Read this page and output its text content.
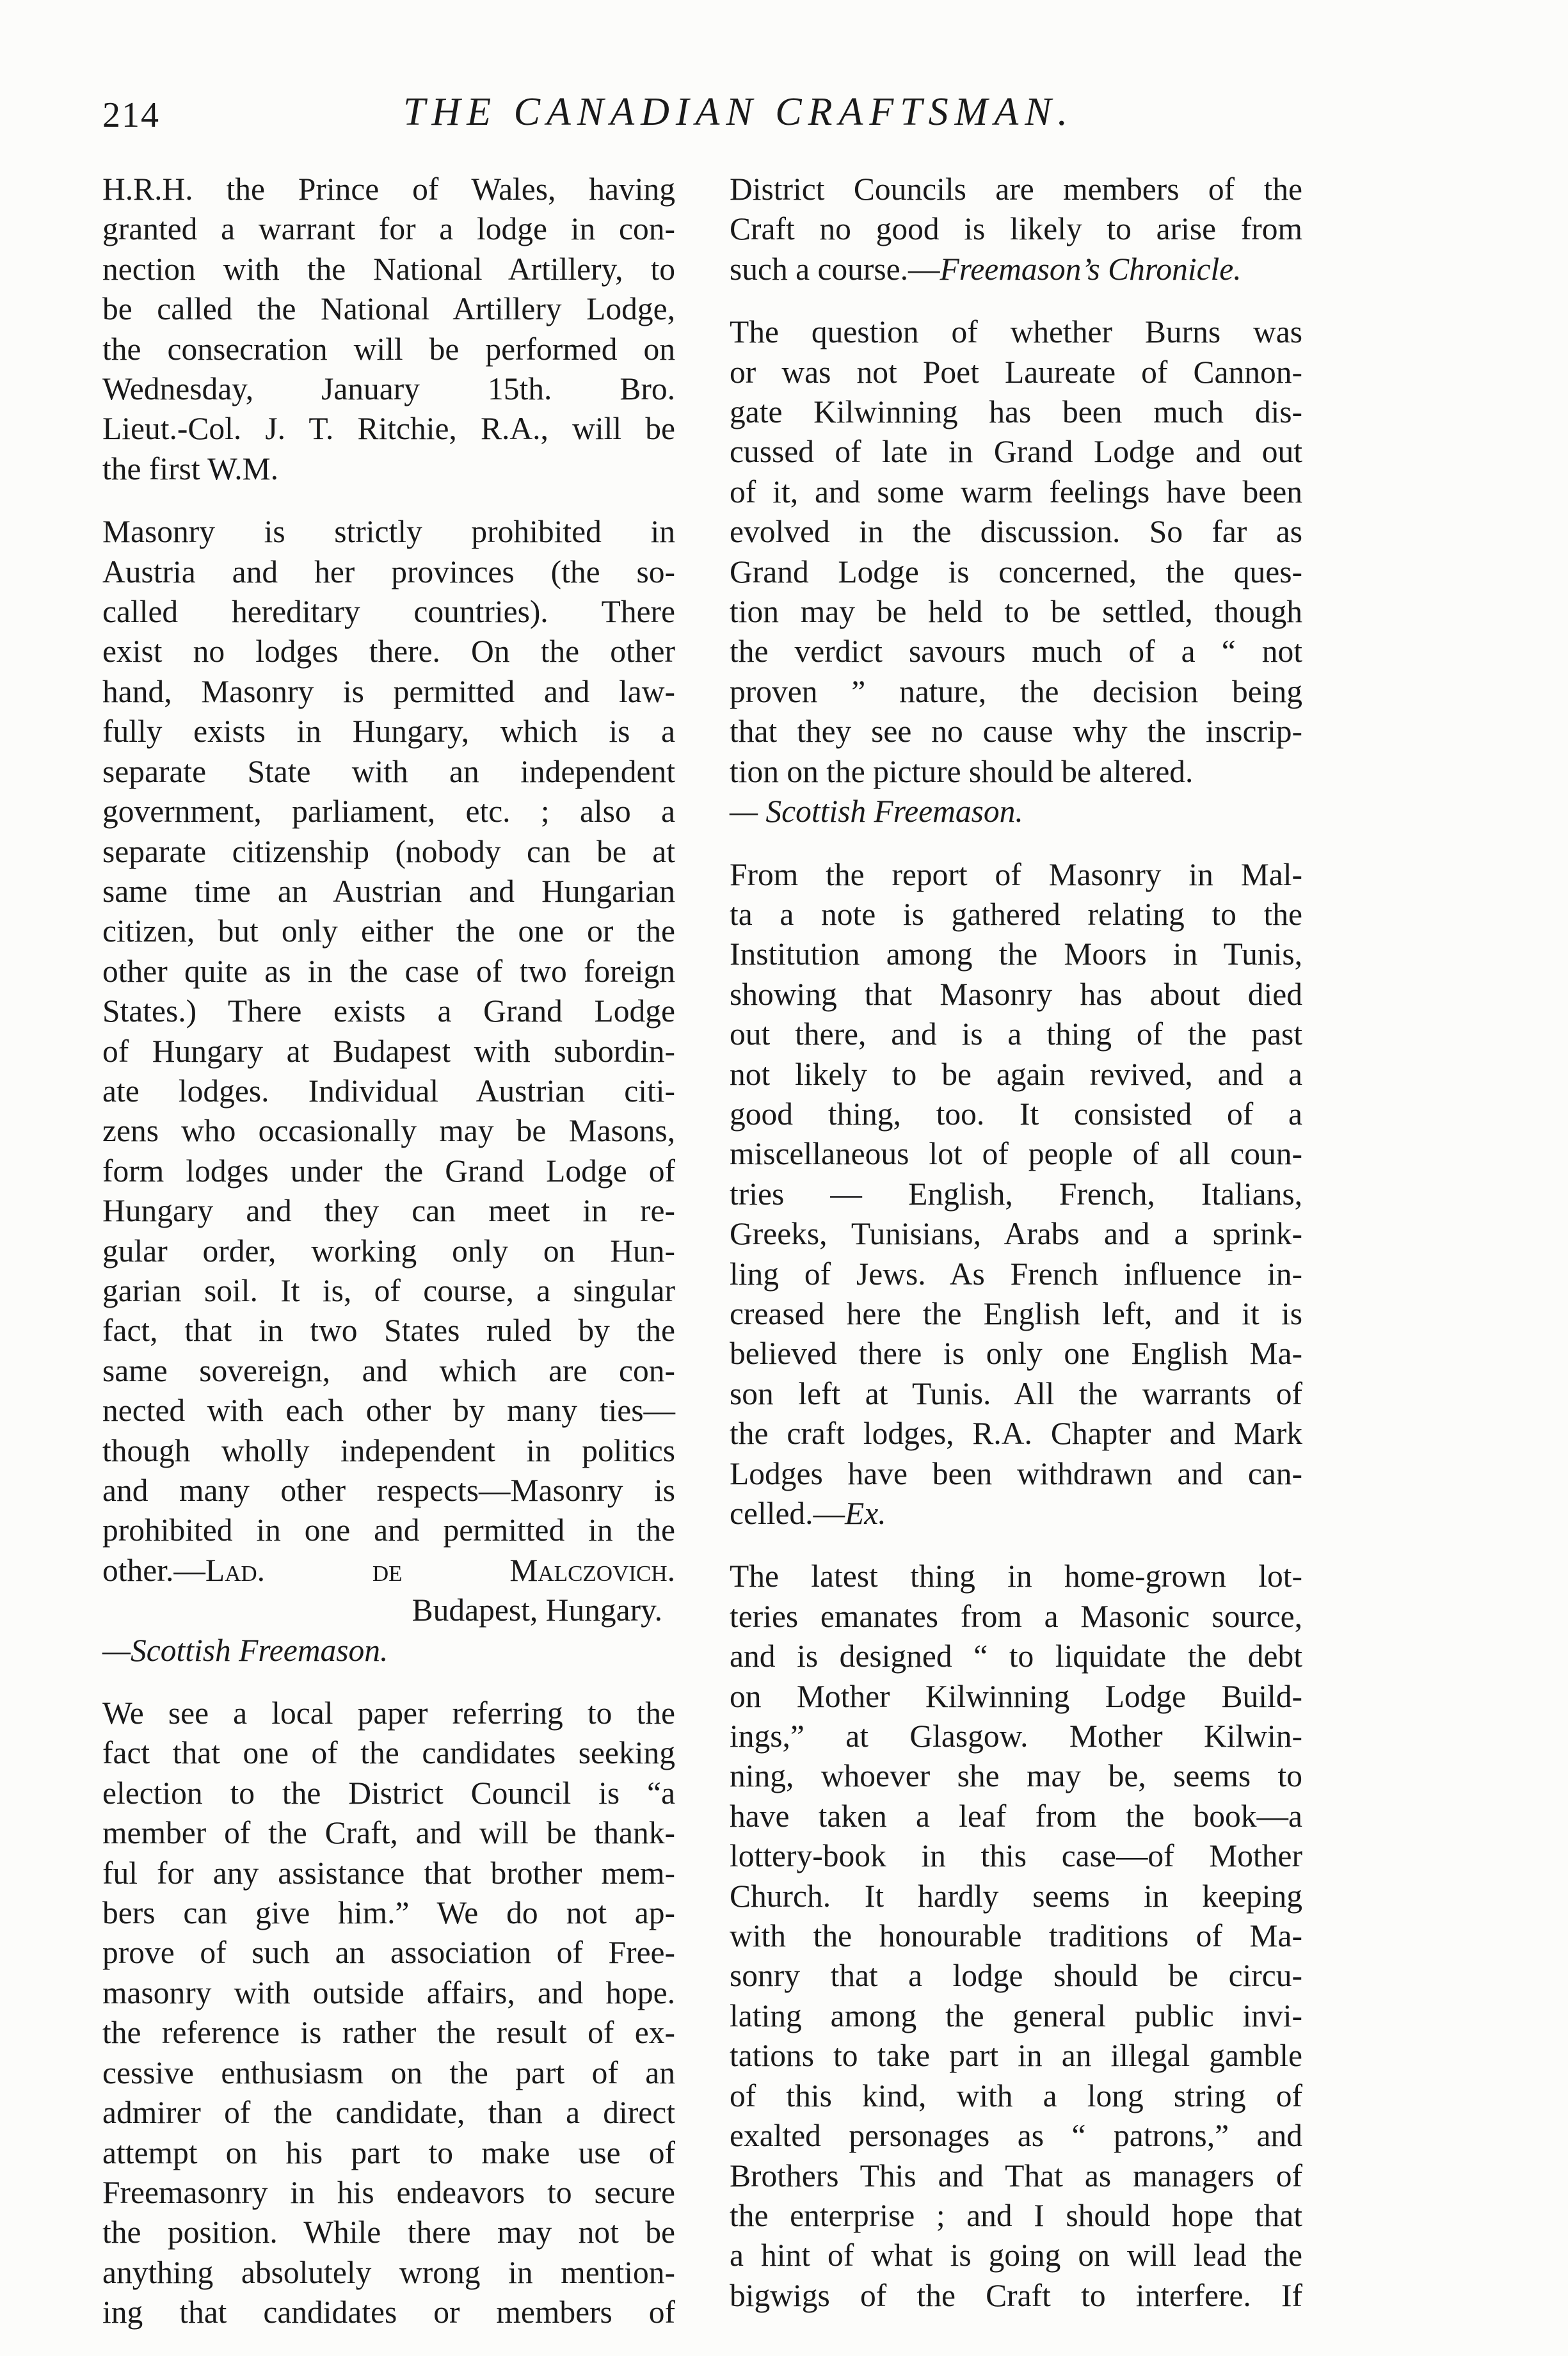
214	THE CANADIAN CRAFTSMAN.
H.R.H. the Prince of Wales, having
granted a warrant for a lodge in con-
nection with the National Artillery, to
be called the National Artillery Lodge,
the consecration will be performed on
Wednesday, January 15th. Bro.
Lieut.-Col. J. T. Ritchie, R.A., will be
the first W.M.
Masonry is strictly prohibited in
Austria and her provinces (the so-
called hereditary countries). There
exist no lodges there. On the other
hand, Masonry is permitted and law-
fully exists in Hungary, which is a
separate State with an independent
government, parliament, etc. ; also a
separate citizenship (nobody can be at
same time an Austrian and Hungarian
citizen, but only either the one or the
other quite as in the case of two foreign
States.) There exists a Grand Lodge
of Hungary at Budapest with subordin-
ate lodges. Individual Austrian citi-
zens who occasionally may be Masons,
form lodges under the Grand Lodge of
Hungary and they can meet in re-
gular order, working only on Hun-
garian soil. It is, of course, a singular
fact, that in two States ruled by the
same sovereign, and which are con-
nected with each other by many ties—
though wholly independent in politics
and many other respects—Masonry is
prohibited in one and permitted in the
other.—Lad. de Malczovich.
Budapest, Hungary.
—Scottish Freemason.
We see a local paper referring to the
fact that one of the candidates seeking
election to the District Council is “a
member of the Craft, and will be thank-
ful for any assistance that brother mem-
bers can give him.” We do not ap-
prove of such an association of Free-
masonry with outside affairs, and hope.
the reference is rather the result of ex-
cessive enthusiasm on the part of an
admirer of the candidate, than a direct
attempt on his part to make use of
Freemasonry in his endeavors to secure
the position. While there may not be
anything absolutely wrong in mention-
ing that candidates or members of
District Councils are members of the
Craft no good is likely to arise from
such a course.—Freemason’s Chronicle.
The question of whether Burns was
or was not Poet Laureate of Cannon-
gate Kilwinning has been much dis-
cussed of late in Grand Lodge and out
of it, and some warm feelings have been
evolved in the discussion. So far as
Grand Lodge is concerned, the ques-
tion may be held to be settled, though
the verdict savours much of a “ not
proven ” nature, the decision being
that they see no cause why the inscrip-
tion on the picture should be altered.
— Scottish Freemason.
From the report of Masonry in Mal-
ta a note is gathered relating to the
Institution among the Moors in Tunis,
showing that Masonry has about died
out there, and is a thing of the past
not likely to be again revived, and a
good thing, too. It consisted of a
miscellaneous lot of people of all coun-
tries — English, French, Italians,
Greeks, Tunisians, Arabs and a sprink-
ling of Jews. As French influence in-
creased here the English left, and it is
believed there is only one English Ma-
son left at Tunis. All the warrants of
the craft lodges, R.A. Chapter and Mark
Lodges have been withdrawn and can-
celled.—Ex.
The latest thing in home-grown lot-
teries emanates from a Masonic source,
and is designed “ to liquidate the debt
on Mother Kilwinning Lodge Build-
ings,” at Glasgow. Mother Kilwin-
ning, whoever she may be, seems to
have taken a leaf from the book—a
lottery-book in this case—of Mother
Church. It hardly seems in keeping
with the honourable traditions of Ma-
sonry that a lodge should be circu-
lating among the general public invi-
tations to take part in an illegal gamble
of this kind, with a long string of
exalted personages as “ patrons,” and
Brothers This and That as managers of
the enterprise ; and I should hope that
a hint of what is going on will lead the
bigwigs of the Craft to interfere. If
